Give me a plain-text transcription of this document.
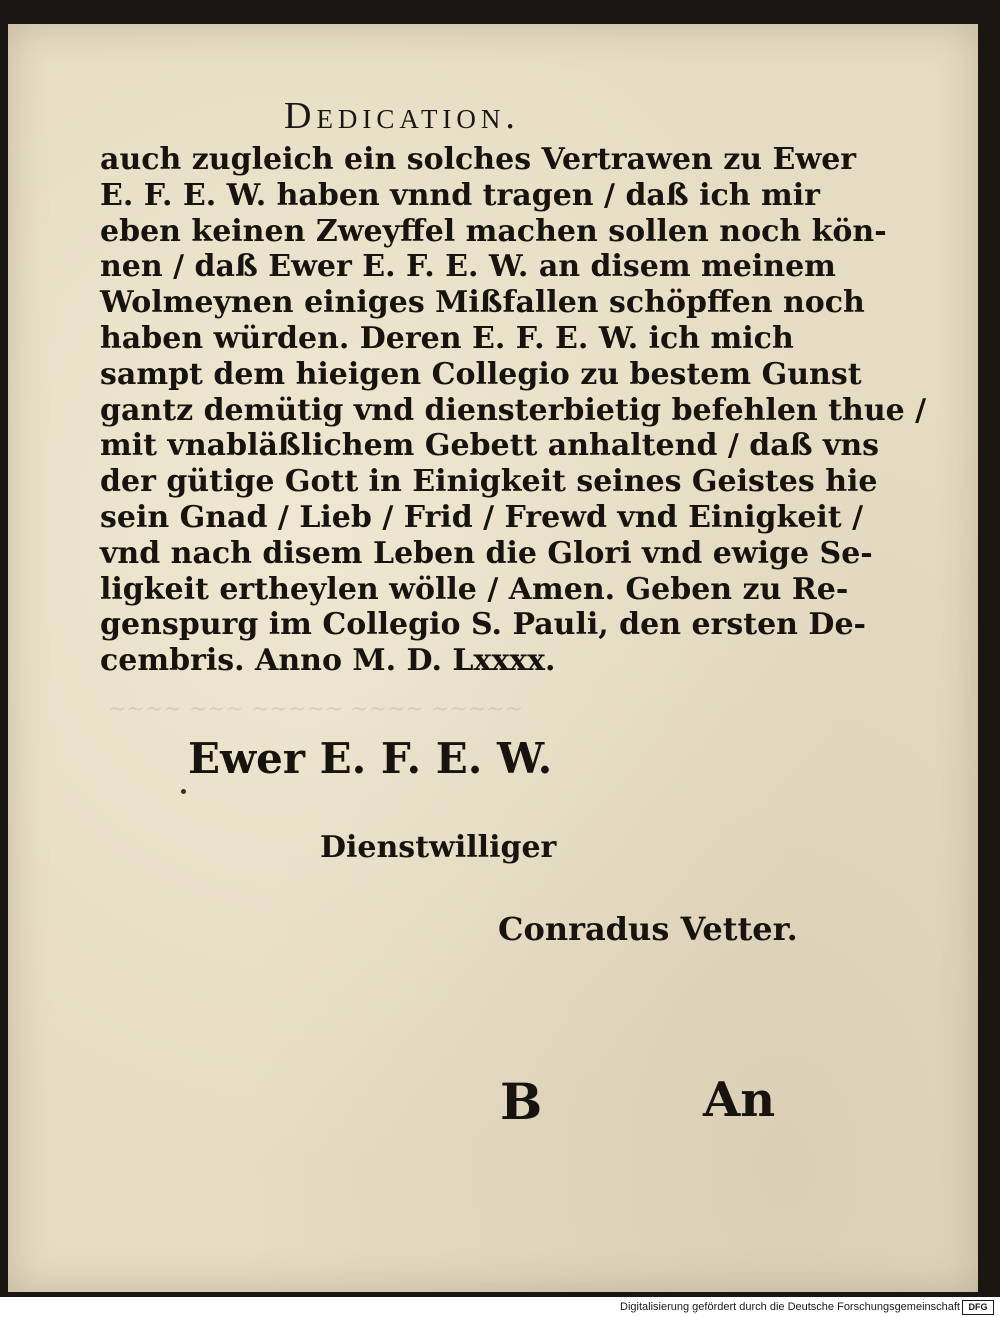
~~~~ ~~~ ~~~~~ ~~~~ ~~~~~
Dedication.
auch zugleich ein solches Vertrawen zu Ewer
E. F. E. W. haben vnnd tragen / daß ich mir
eben keinen Zweyffel machen sollen noch kön-
nen / daß Ewer E. F. E. W. an disem meinem
Wolmeynen einiges Mißfallen schöpffen noch
haben würden. Deren E. F. E. W. ich mich
sampt dem hieigen Collegio zu bestem Gunst
gantz demütig vnd diensterbietig befehlen thue /
mit vnabläßlichem Gebett anhaltend / daß vns
der gütige Gott in Einigkeit seines Geistes hie
sein Gnad / Lieb / Frid / Frewd vnd Einigkeit /
vnd nach disem Leben die Glori vnd ewige Se-
ligkeit ertheylen wölle / Amen. Geben zu Re-
genspurg im Collegio S. Pauli, den ersten De-
cembris. Anno M. D. Lxxxx.
Ewer E. F. E. W.
Dienstwilliger
Conradus Vetter.
B	An
Digitalisierung gefördert durch die Deutsche Forschungsgemeinschaft DFG
